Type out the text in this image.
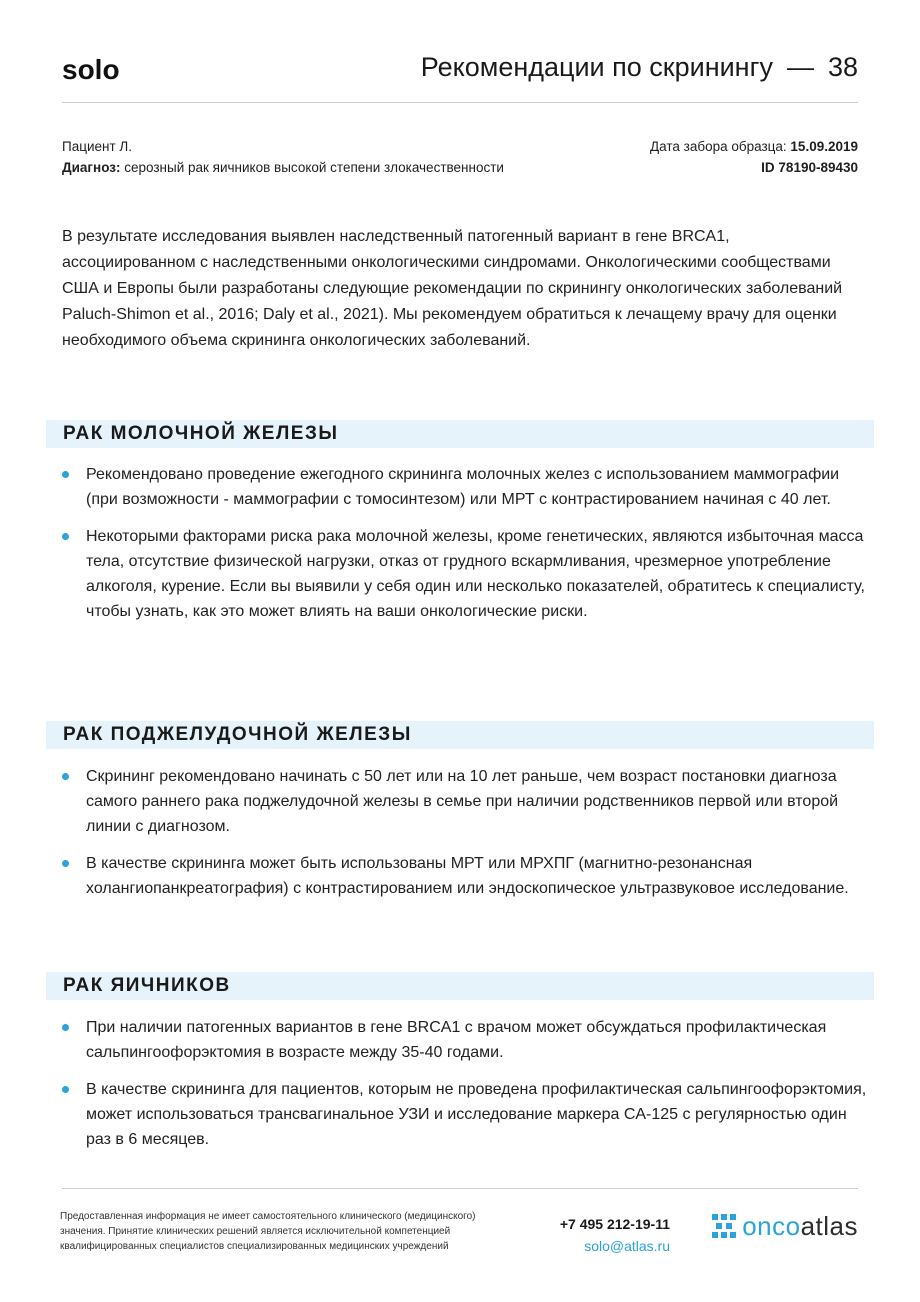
solo	Рекомендации по скринингу — 38
Пациент Л.
Диагноз: серозный рак яичников высокой степени злокачественности
Дата забора образца: 15.09.2019
ID 78190-89430
В результате исследования выявлен наследственный патогенный вариант в гене BRCA1, ассоциированном с наследственными онкологическими синдромами. Онкологическими сообществами США и Европы были разработаны следующие рекомендации по скринингу онкологических заболеваний Paluch-Shimon et al., 2016; Daly et al., 2021). Мы рекомендуем обратиться к лечащему врачу для оценки необходимого объема скрининга онкологических заболеваний.
РАК МОЛОЧНОЙ ЖЕЛЕЗЫ
Рекомендовано проведение ежегодного скрининга молочных желез с использованием маммографии (при возможности - маммографии с томосинтезом) или МРТ с контрастированием начиная с 40 лет.
Некоторыми факторами риска рака молочной железы, кроме генетических, являются избыточная масса тела, отсутствие физической нагрузки, отказ от грудного вскармливания, чрезмерное употребление алкоголя, курение. Если вы выявили у себя один или несколько показателей, обратитесь к специалисту, чтобы узнать, как это может влиять на ваши онкологические риски.
РАК ПОДЖЕЛУДОЧНОЙ ЖЕЛЕЗЫ
Скрининг рекомендовано начинать с 50 лет или на 10 лет раньше, чем возраст постановки диагноза самого раннего рака поджелудочной железы в семье при наличии родственников первой или второй линии с диагнозом.
В качестве скрининга может быть использованы МРТ или МРХПГ (магнитно-резонансная холангиопанкреатография) с контрастированием или эндоскопическое ультразвуковое исследование.
РАК ЯИЧНИКОВ
При наличии патогенных вариантов в гене BRCA1 с врачом может обсуждаться профилактическая сальпингоофорэктомия в возрасте между 35-40 годами.
В качестве скрининга для пациентов, которым не проведена профилактическая сальпингоофорэктомия, может использоваться трансвагинальное УЗИ и исследование маркера CA-125 с регулярностью один раз в 6 месяцев.
Предоставленная информация не имеет самостоятельного клинического (медицинского) значения. Принятие клинических решений является исключительной компетенцией квалифицированных специалистов специализированных медицинских учреждений
+7 495 212-19-11
solo@atlas.ru
oncoatlas
